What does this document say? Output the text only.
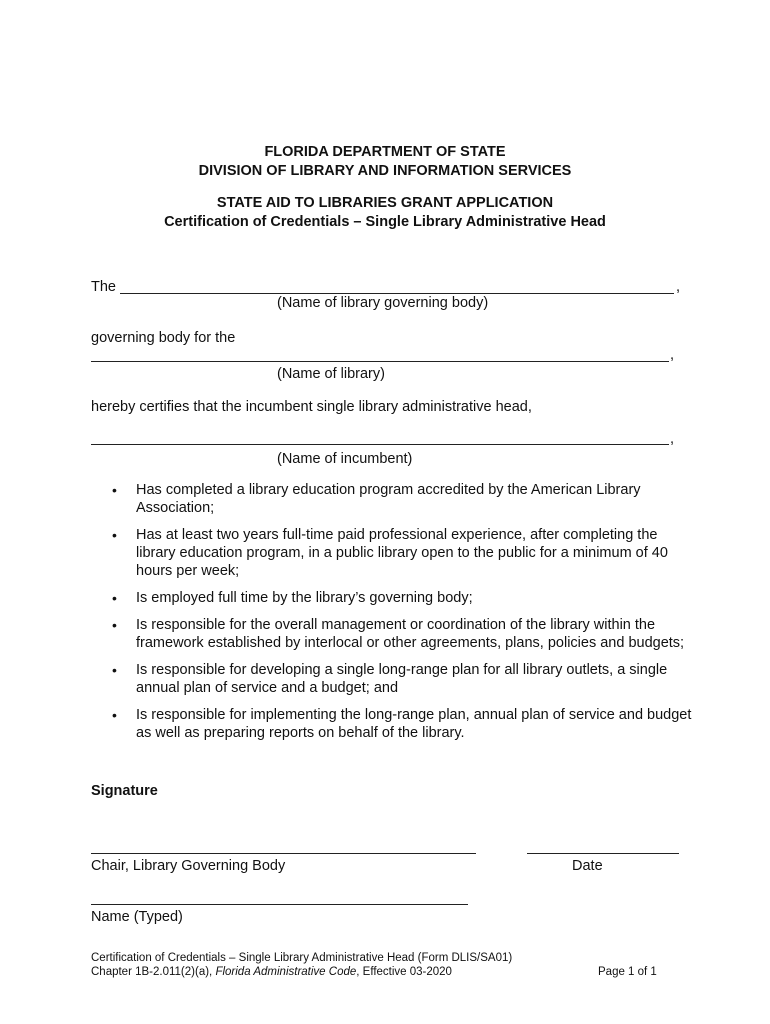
FLORIDA DEPARTMENT OF STATE
DIVISION OF LIBRARY AND INFORMATION SERVICES
STATE AID TO LIBRARIES GRANT APPLICATION
Certification of Credentials – Single Library Administrative Head
The	,
(Name of library governing body)
governing body for the
,
(Name of library)
hereby certifies that the incumbent single library administrative head,
,
(Name of incumbent)
• Has completed a library education program accredited by the American Library Association;
• Has at least two years full-time paid professional experience, after completing the library education program, in a public library open to the public for a minimum of 40 hours per week;
• Is employed full time by the library’s governing body;
• Is responsible for the overall management or coordination of the library within the framework established by interlocal or other agreements, plans, policies and budgets;
• Is responsible for developing a single long-range plan for all library outlets, a single annual plan of service and a budget; and
• Is responsible for implementing the long-range plan, annual plan of service and budget as well as preparing reports on behalf of the library.
Signature
Chair, Library Governing Body	Date
Name (Typed)
Certification of Credentials – Single Library Administrative Head (Form DLIS/SA01)
Chapter 1B-2.011(2)(a), Florida Administrative Code, Effective 03-2020	Page 1 of 1
